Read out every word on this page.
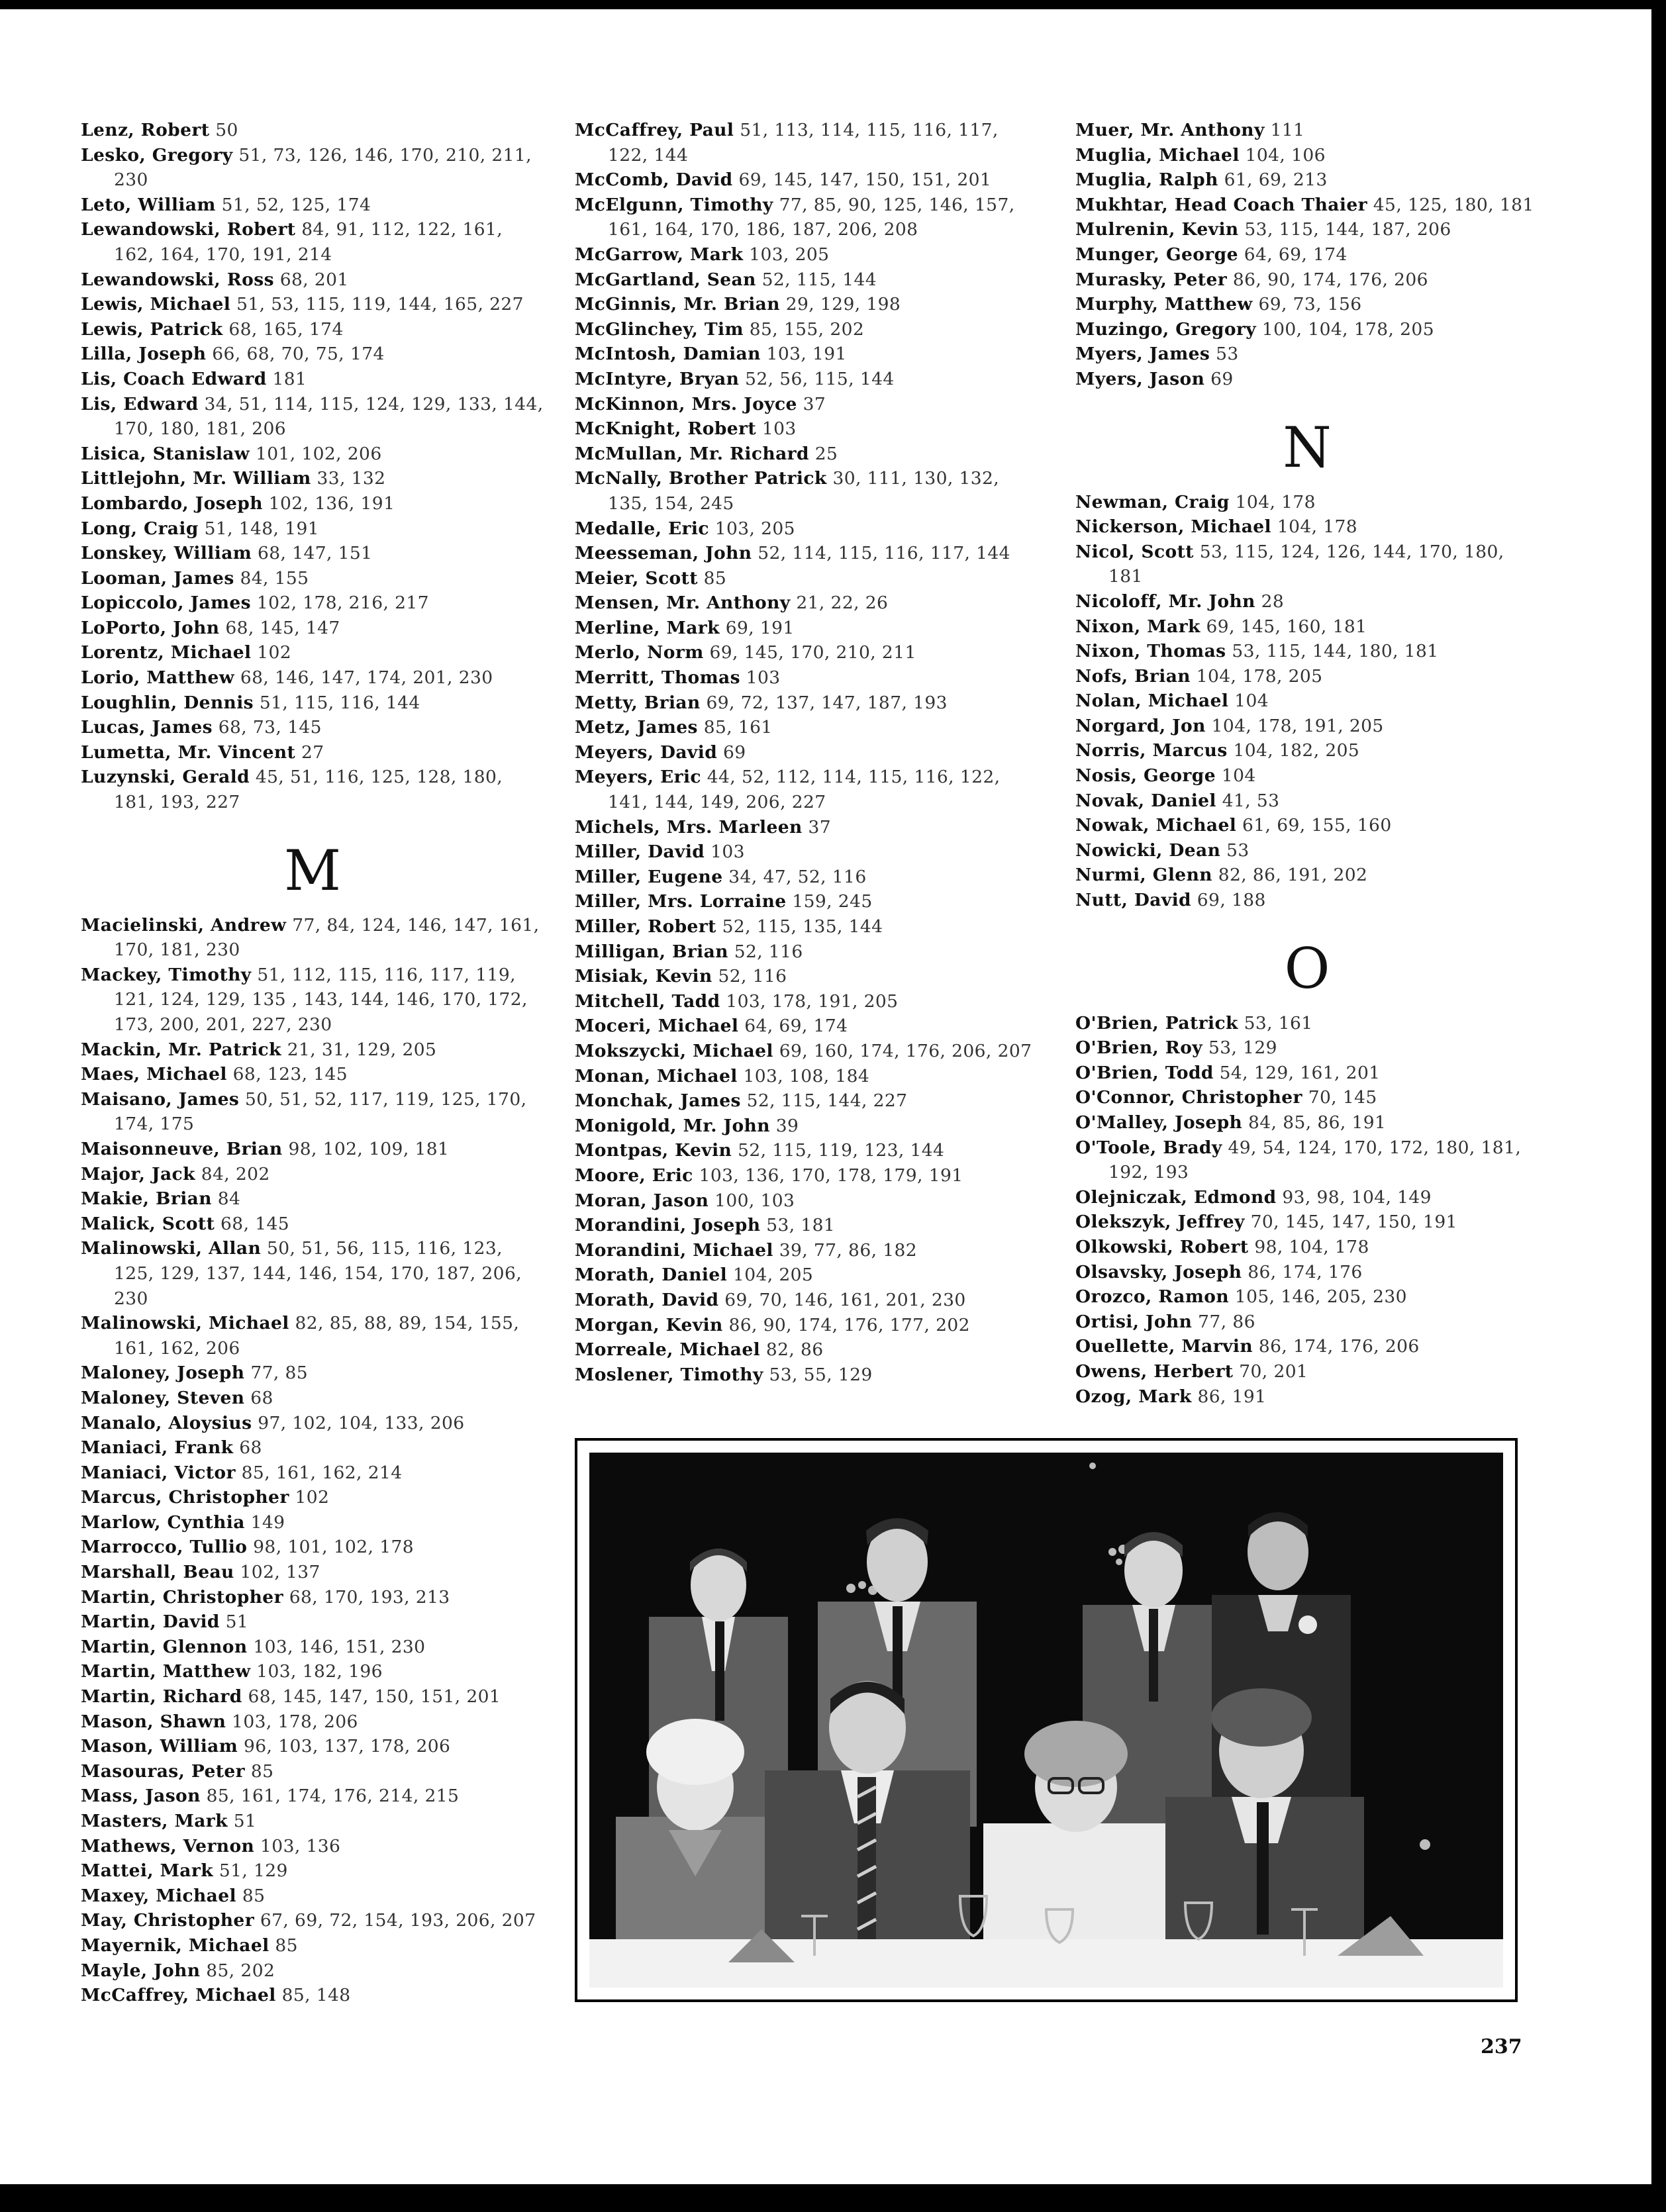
Lenz, Robert 50
Lesko, Gregory 51, 73, 126, 146, 170, 210, 211, 230
Leto, William 51, 52, 125, 174
Lewandowski, Robert 84, 91, 112, 122, 161, 162, 164, 170, 191, 214
Lewandowski, Ross 68, 201
Lewis, Michael 51, 53, 115, 119, 144, 165, 227
Lewis, Patrick 68, 165, 174
Lilla, Joseph 66, 68, 70, 75, 174
Lis, Coach Edward 181
Lis, Edward 34, 51, 114, 115, 124, 129, 133, 144, 170, 180, 181, 206
Lisica, Stanislaw 101, 102, 206
Littlejohn, Mr. William 33, 132
Lombardo, Joseph 102, 136, 191
Long, Craig 51, 148, 191
Lonskey, William 68, 147, 151
Looman, James 84, 155
Lopiccolo, James 102, 178, 216, 217
LoPorto, John 68, 145, 147
Lorentz, Michael 102
Lorio, Matthew 68, 146, 147, 174, 201, 230
Loughlin, Dennis 51, 115, 116, 144
Lucas, James 68, 73, 145
Lumetta, Mr. Vincent 27
Luzynski, Gerald 45, 51, 116, 125, 128, 180, 181, 193, 227
M
Macielinski, Andrew 77, 84, 124, 146, 147, 161, 170, 181, 230
Mackey, Timothy 51, 112, 115, 116, 117, 119, 121, 124, 129, 135 , 143, 144, 146, 170, 172, 173, 200, 201, 227, 230
Mackin, Mr. Patrick 21, 31, 129, 205
Maes, Michael 68, 123, 145
Maisano, James 50, 51, 52, 117, 119, 125, 170, 174, 175
Maisonneuve, Brian 98, 102, 109, 181
Major, Jack 84, 202
Makie, Brian 84
Malick, Scott 68, 145
Malinowski, Allan 50, 51, 56, 115, 116, 123, 125, 129, 137, 144, 146, 154, 170, 187, 206, 230
Malinowski, Michael 82, 85, 88, 89, 154, 155, 161, 162, 206
Maloney, Joseph 77, 85
Maloney, Steven 68
Manalo, Aloysius 97, 102, 104, 133, 206
Maniaci, Frank 68
Maniaci, Victor 85, 161, 162, 214
Marcus, Christopher 102
Marlow, Cynthia 149
Marrocco, Tullio 98, 101, 102, 178
Marshall, Beau 102, 137
Martin, Christopher 68, 170, 193, 213
Martin, David 51
Martin, Glennon 103, 146, 151, 230
Martin, Matthew 103, 182, 196
Martin, Richard 68, 145, 147, 150, 151, 201
Mason, Shawn 103, 178, 206
Mason, William 96, 103, 137, 178, 206
Masouras, Peter 85
Mass, Jason 85, 161, 174, 176, 214, 215
Masters, Mark 51
Mathews, Vernon 103, 136
Mattei, Mark 51, 129
Maxey, Michael 85
May, Christopher 67, 69, 72, 154, 193, 206, 207
Mayernik, Michael 85
Mayle, John 85, 202
McCaffrey, Michael 85, 148
McCaffrey, Paul 51, 113, 114, 115, 116, 117, 122, 144
McComb, David 69, 145, 147, 150, 151, 201
McElgunn, Timothy 77, 85, 90, 125, 146, 157, 161, 164, 170, 186, 187, 206, 208
McGarrow, Mark 103, 205
McGartland, Sean 52, 115, 144
McGinnis, Mr. Brian 29, 129, 198
McGlinchey, Tim 85, 155, 202
McIntosh, Damian 103, 191
McIntyre, Bryan 52, 56, 115, 144
McKinnon, Mrs. Joyce 37
McKnight, Robert 103
McMullan, Mr. Richard 25
McNally, Brother Patrick 30, 111, 130, 132, 135, 154, 245
Medalle, Eric 103, 205
Meesseman, John 52, 114, 115, 116, 117, 144
Meier, Scott 85
Mensen, Mr. Anthony 21, 22, 26
Merline, Mark 69, 191
Merlo, Norm 69, 145, 170, 210, 211
Merritt, Thomas 103
Metty, Brian 69, 72, 137, 147, 187, 193
Metz, James 85, 161
Meyers, David 69
Meyers, Eric 44, 52, 112, 114, 115, 116, 122, 141, 144, 149, 206, 227
Michels, Mrs. Marleen 37
Miller, David 103
Miller, Eugene 34, 47, 52, 116
Miller, Mrs. Lorraine 159, 245
Miller, Robert 52, 115, 135, 144
Milligan, Brian 52, 116
Misiak, Kevin 52, 116
Mitchell, Tadd 103, 178, 191, 205
Moceri, Michael 64, 69, 174
Mokszycki, Michael 69, 160, 174, 176, 206, 207
Monan, Michael 103, 108, 184
Monchak, James 52, 115, 144, 227
Monigold, Mr. John 39
Montpas, Kevin 52, 115, 119, 123, 144
Moore, Eric 103, 136, 170, 178, 179, 191
Moran, Jason 100, 103
Morandini, Joseph 53, 181
Morandini, Michael 39, 77, 86, 182
Morath, Daniel 104, 205
Morath, David 69, 70, 146, 161, 201, 230
Morgan, Kevin 86, 90, 174, 176, 177, 202
Morreale, Michael 82, 86
Moslener, Timothy 53, 55, 129
Muer, Mr. Anthony 111
Muglia, Michael 104, 106
Muglia, Ralph 61, 69, 213
Mukhtar, Head Coach Thaier 45, 125, 180, 181
Mulrenin, Kevin 53, 115, 144, 187, 206
Munger, George 64, 69, 174
Murasky, Peter 86, 90, 174, 176, 206
Murphy, Matthew 69, 73, 156
Muzingo, Gregory 100, 104, 178, 205
Myers, James 53
Myers, Jason 69
N
Newman, Craig 104, 178
Nickerson, Michael 104, 178
Nicol, Scott 53, 115, 124, 126, 144, 170, 180, 181
Nicoloff, Mr. John 28
Nixon, Mark 69, 145, 160, 181
Nixon, Thomas 53, 115, 144, 180, 181
Nofs, Brian 104, 178, 205
Nolan, Michael 104
Norgard, Jon 104, 178, 191, 205
Norris, Marcus 104, 182, 205
Nosis, George 104
Novak, Daniel 41, 53
Nowak, Michael 61, 69, 155, 160
Nowicki, Dean 53
Nurmi, Glenn 82, 86, 191, 202
Nutt, David 69, 188
O
O'Brien, Patrick 53, 161
O'Brien, Roy 53, 129
O'Brien, Todd 54, 129, 161, 201
O'Connor, Christopher 70, 145
O'Malley, Joseph 84, 85, 86, 191
O'Toole, Brady 49, 54, 124, 170, 172, 180, 181, 192, 193
Olejniczak, Edmond 93, 98, 104, 149
Olekszyk, Jeffrey 70, 145, 147, 150, 191
Olkowski, Robert 98, 104, 178
Olsavsky, Joseph 86, 174, 176
Orozco, Ramon 105, 146, 205, 230
Ortisi, John 77, 86
Ouellette, Marvin 86, 174, 176, 206
Owens, Herbert 70, 201
Ozog, Mark 86, 191
237
